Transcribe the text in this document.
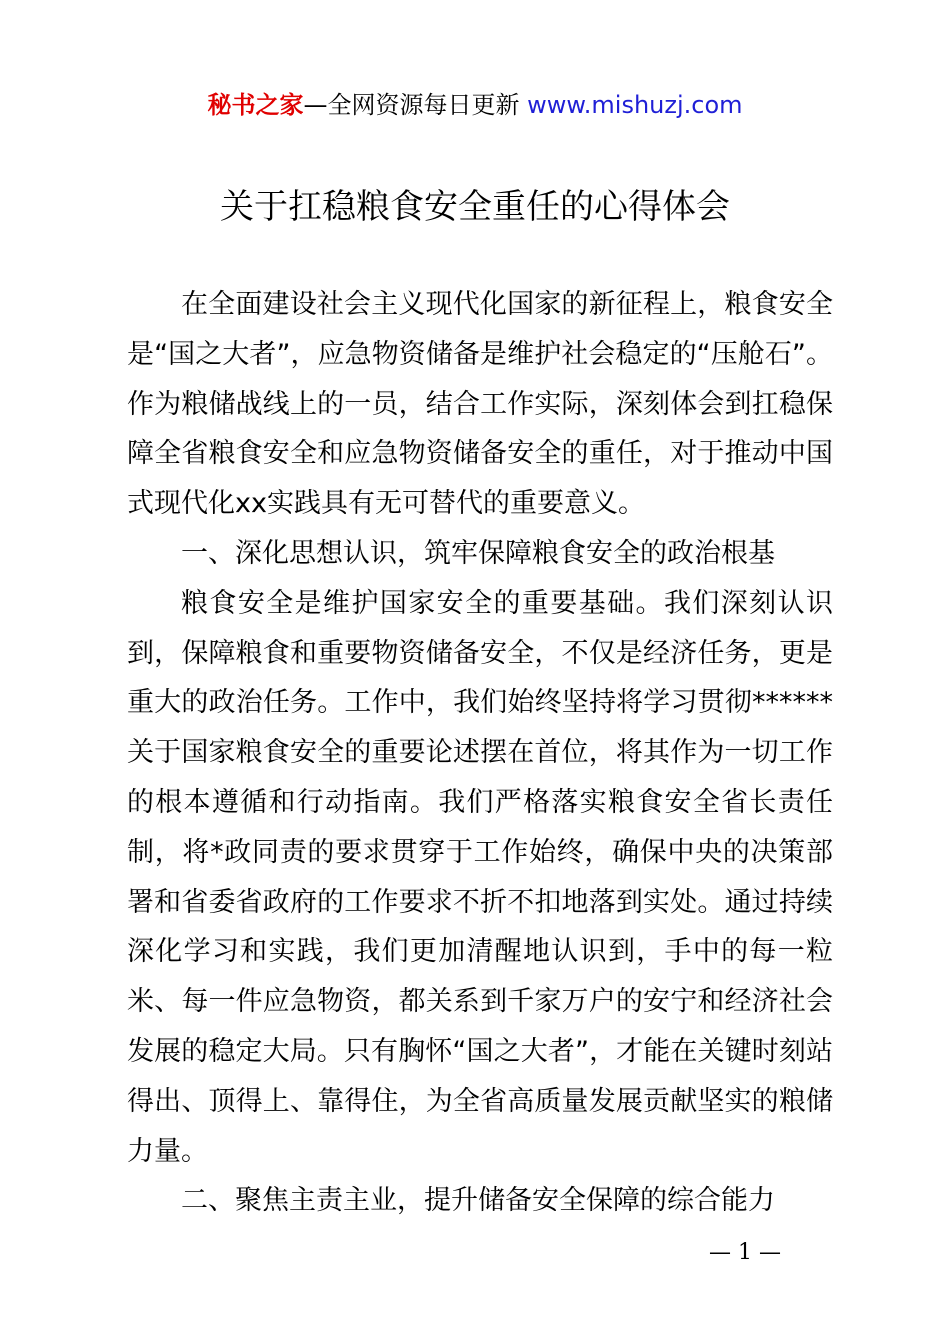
秘书之家—全网资源每日更新 www.mishuzj.com
关于扛稳粮食安全重任的心得体会

在全面建设社会主义现代化国家的新征程上，粮食安全是“国之大者”，应急物资储备是维护社会稳定的“压舱石”。作为粮储战线上的一员，结合工作实际，深刻体会到扛稳保障全省粮食安全和应急物资储备安全的重任，对于推动中国式现代化xx实践具有无可替代的重要意义。

一、深化思想认识，筑牢保障粮食安全的政治根基

粮食安全是维护国家安全的重要基础。我们深刻认识到，保障粮食和重要物资储备安全，不仅是经济任务，更是重大的政治任务。工作中，我们始终坚持将学习贯彻******关于国家粮食安全的重要论述摆在首位，将其作为一切工作的根本遵循和行动指南。我们严格落实粮食安全省长责任制，将*政同责的要求贯穿于工作始终，确保中央的决策部署和省委省政府的工作要求不折不扣地落到实处。通过持续深化学习和实践，我们更加清醒地认识到，手中的每一粒米、每一件应急物资，都关系到千家万户的安宁和经济社会发展的稳定大局。只有胸怀“国之大者”，才能在关键时刻站得出、顶得上、靠得住，为全省高质量发展贡献坚实的粮储力量。

二、聚焦主责主业，提升储备安全保障的综合能力

— 1 —
